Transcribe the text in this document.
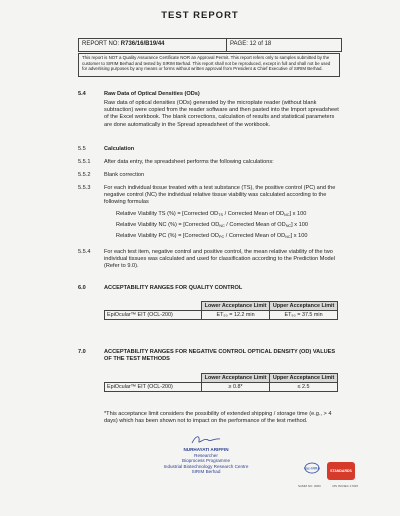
TEST REPORT
REPORT NO: R736/16/B19/44	PAGE: 12 of 18
This report is NOT a Quality Assurance Certificate NOR an Approval Permit. This report refers only to samples submitted by the customer to SIRIM Berhad and tested by SIRIM Berhad. This report shall not be reproduced, except in full and shall not be used for advertising purposes by any means or forms without written approval from President & Chief Executive of SIRIM Berhad.
5.4	Raw Data of Optical Densities (ODs)
Raw data of optical densities (ODs) generated by the microplate reader (without blank subtraction) were copied from the reader software and then pasted into the Import spreadsheet of the Excel workbook. The blank corrections, calculation of results and statistical parameters are done automatically in the Spread spreadsheet of the workbook.
5.5	Calculation
5.5.1 After data entry, the spreadsheet performs the following calculations:
5.5.2 Blank correction
5.5.3 For each individual tissue treated with a test substance (TS), the positive control (PC) and the negative control (NC) the individual relative tissue viability was calculated according to the following formulas
Relative Viability TS (%) = [Corrected $OD_{TS}$ / Corrected Mean of $OD_{NC}$] x 100
Relative Viability NC (%) = [Corrected $OD_{NC}$ / Corrected Mean of $OD_{NC}$] x 100
Relative Viability PC (%) = [Corrected $OD_{PC}$ / Corrected Mean of $OD_{NC}$] x 100
5.5.4 For each test item, negative control and positive control, the mean relative viability of the two individual tissues was calculated and used for classification according to the Prediction Model (Refer to 9.0).
6.0	ACCEPTABILITY RANGES FOR QUALITY CONTROL
	Lower Acceptance Limit	Upper Acceptance Limit
EpiOcular™ EIT (OCL-200)	ET₅₀ = 12.2 min	ET₅₀ = 37.5 min
7.0	ACCEPTABILITY RANGES FOR NEGATIVE CONTROL OPTICAL DENSITY (OD) VALUES OF THE TEST METHODS
	Lower Acceptance Limit	Upper Acceptance Limit
EpiOcular™ EIT (OCL-200)	≥ 0.8*	≤ 2.5
*This acceptance limit considers the possibility of extended shipping / storage time (e.g., > 4 days) which has been shown not to impact on the performance of the test method.
NURHAYATI ARIFFIN
Researcher
Bioprocess Programme
Industrial Biotechnology Research Centre
SIRIM Berhad
ilac-MRA
STANDARDS
SAMM NO. 0083	MS ISO/IEC 17025
